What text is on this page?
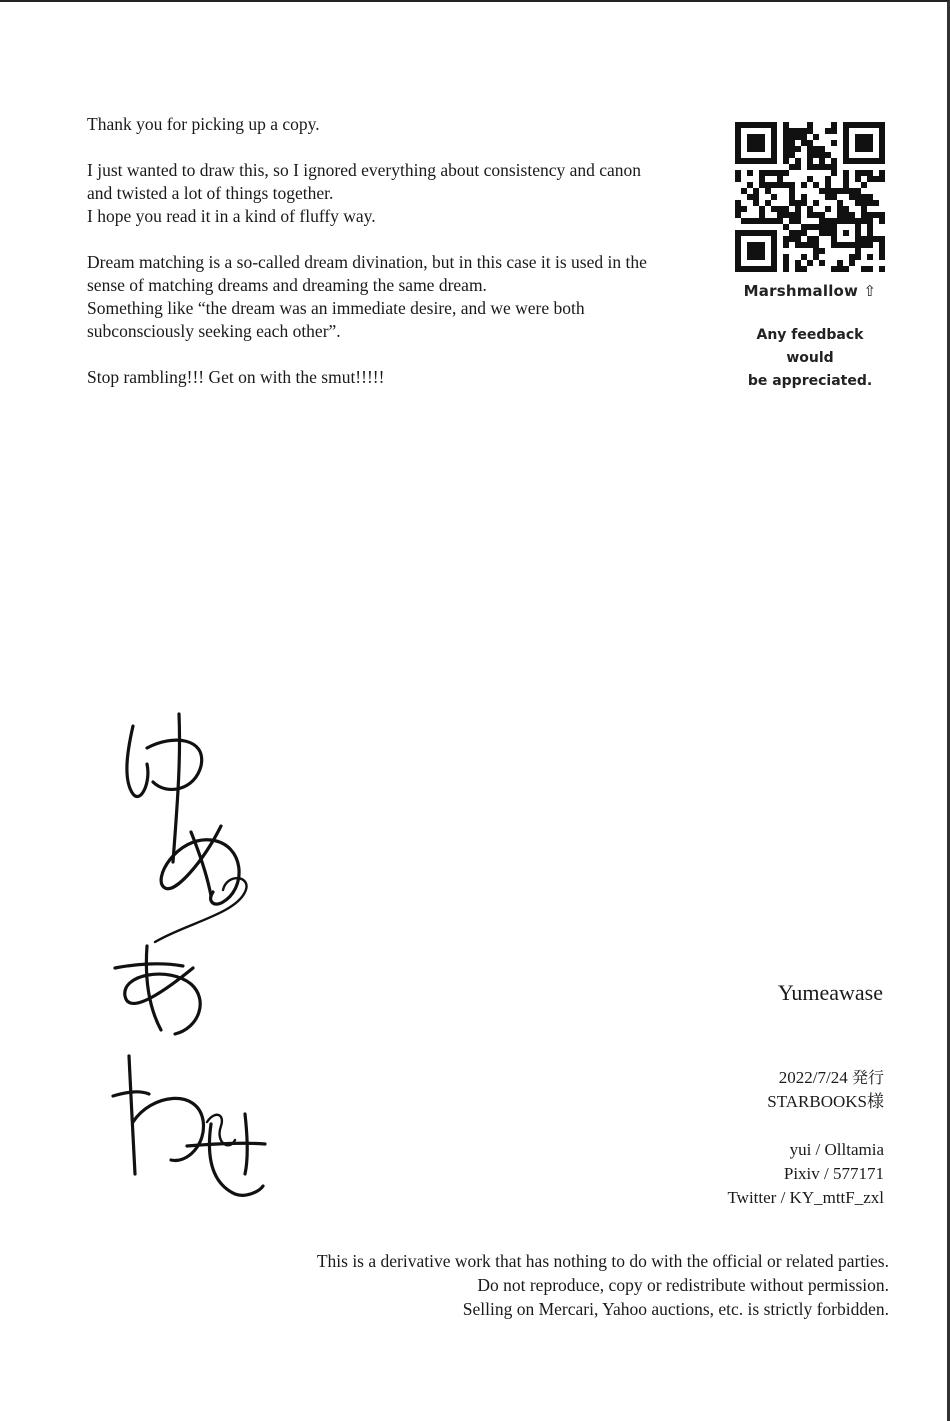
Thank you for picking up a copy.

I just wanted to draw this, so I ignored everything about consistency and canon
and twisted a lot of things together.
I hope you read it in a kind of fluffy way.

Dream matching is a so-called dream divination, but in this case it is used in the
sense of matching dreams and dreaming the same dream.
Something like “the dream was an immediate desire, and we were both
subconsciously seeking each other”.

Stop rambling!!! Get on with the smut!!!!!

Marshmallow ⇧
Any feedback would
be appreciated.
Yumeawase
2022/7/24 発行
STARBOOKS様
yui / Olltamia
Pixiv / 577171
Twitter / KY_mttF_zxl
This is a derivative work that has nothing to do with the official or related parties.
Do not reproduce, copy or redistribute without permission.
Selling on Mercari, Yahoo auctions, etc. is strictly forbidden.
